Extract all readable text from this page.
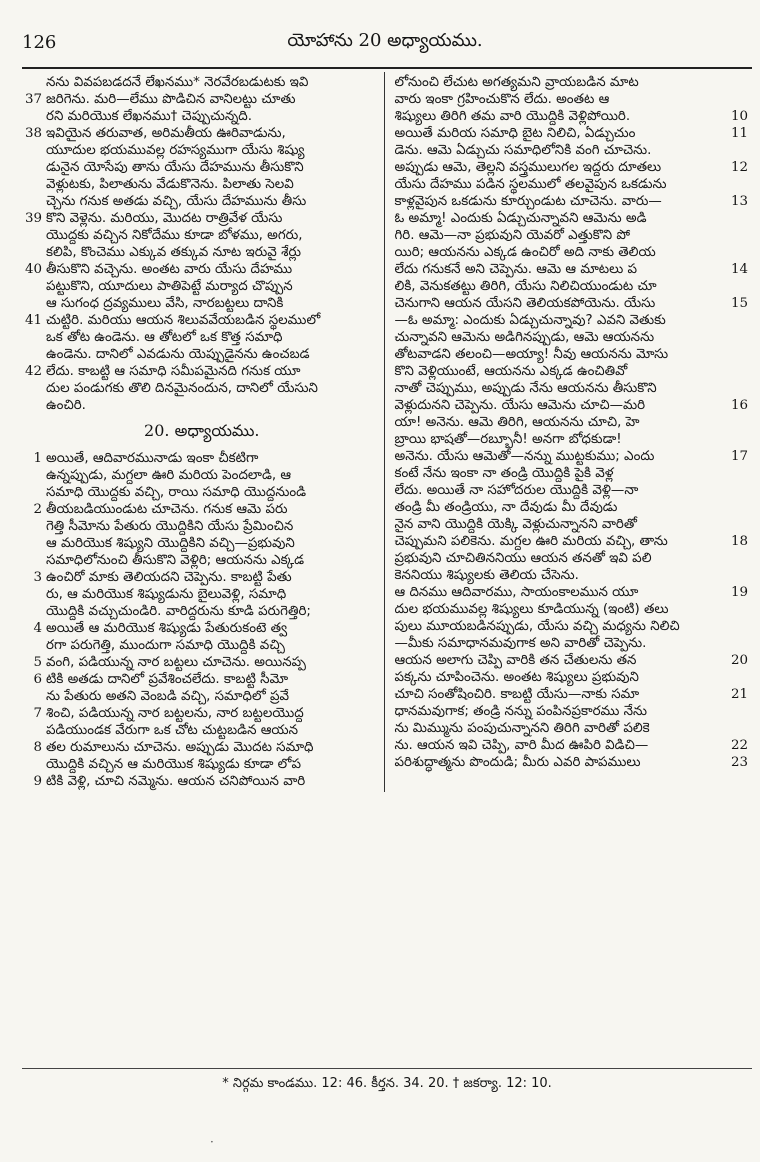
126	యోహాను 20 అధ్యాయము.
నను వివపబడదనే లేఖనము* నెరవేరబడుటకు ఇవి
37 జరిగెను. మరి—లేము పొడిచిన వానిలట్టు చూతు
రని మరియొక లేఖనము† చెప్పుచున్నది.
38 ఇవియైన తరువాత, అరిమతీయ ఊరివాడును,
యూదుల భయమువల్ల రహస్యముగా యేసు శిష్యు
డునైన యోసేపు తాను యేసు దేహమును తీసుకొని
వెళ్లుటకు, పిలాతును వేడుకొనెను. పిలాతు సెలవి
చ్చెను గనుక అతడు వచ్చి, యేసు దేహమును తీసు
39 కొని వెళ్లెను. మరియు, మొదట రాత్రివేళ యేసు
యొద్దకు వచ్చిన నికోదేము కూడా బోళము, అగరు,
కలిపి, కొంచెము ఎక్కువ తక్కువ నూట ఇరువై శేర్లు
40 తీసుకొని వచ్చెను. అంతట వారు యేసు దేహము
పట్టుకొని, యూదులు పాతిపెట్టే మర్యాద చొప్పున
ఆ సుగంధ ద్రవ్యములు వేసి, నారబట్టలు దానికి
41 చుట్టిరి. మరియు ఆయన శిలువవేయబడిన స్థలములో
ఒక తోట ఉండెను. ఆ తోటలో ఒక కొత్త సమాధి
ఉండెను. దానిలో ఎవడును యెప్పుడైనను ఉంచబడ
42 లేదు. కాబట్టి ఆ సమాధి సమీపమైనది గనుక యూ
దుల పండుగకు తొలి దినమైనందున, దానిలో యేసుని
ఉంచిరి.
20. అధ్యాయము.
1 అయితే, ఆదివారమునాడు ఇంకా చీకటిగా
ఉన్నప్పుడు, మగ్దలా ఊరి మరియ పెందలాడి, ఆ
సమాధి యొద్దకు వచ్చి, రాయి సమాధి యొద్దనుండి
2 తీయబడియుండుట చూచెను. గనుక ఆమె పరు
గెత్తి సీమోను పేతురు యొద్దికిని యేసు ప్రేమించిన
ఆ మరియొక శిష్యుని యొద్దికిని వచ్చి—ప్రభువుని
సమాధిలోనుంచి తీసుకొని వెళ్లిరి; ఆయనను ఎక్కడ
3 ఉంచిరో మాకు తెలియదని చెప్పెను. కాబట్టి పేతు
రు, ఆ మరియొక శిష్యుడును బైలువెళ్లి, సమాధి
యొద్దికి వచ్చుచుండిరి. వారిద్దరును కూడి పరుగెత్తిరి;
4 అయితే ఆ మరియొక శిష్యుడు పేతురుకంటె త్వ
రగా పరుగెత్తి, ముందుగా సమాధి యొద్దికి వచ్చి
5 వంగి, పడియున్న నార బట్టలు చూచెను. అయినప్ప
6 టికి అతడు దానిలో ప్రవేశించలేదు. కాబట్టి సీమో
ను పేతురు అతని వెంబడి వచ్చి, సమాధిలో ప్రవే
7 శించి, పడియున్న నార బట్టలను, నార బట్టలయొద్ద
పడియుండక వేరుగా ఒక చోట చుట్టబడిన ఆయన
8 తల రుమాలును చూచెను. అప్పుడు మొదట సమాధి
యొద్దికి వచ్చిన ఆ మరియొక శిష్యుడు కూడా లోప
9 టికి వెళ్లి, చూచి నమ్మెను. ఆయన చనిపోయిన వారి
లోనుంచి లేచుట అగత్యమని వ్రాయబడిన మాట
వారు ఇంకా గ్రహించుకొన లేదు. అంతట ఆ
10
శిష్యులు తిరిగి తమ వారి యొద్దికి వెళ్లిపోయిరి.
11
అయితే మరియ సమాధి బైట నిలిచి, ఏడ్చుచుం
డెను. ఆమె ఏడ్చుచు సమాధిలోనికి వంగి చూచెను.
12
అప్పుడు ఆమె, తెల్లని వస్త్రములుగల ఇద్దరు దూతలు
యేసు దేహము పడిన స్థలములో తలవైపున ఒకడును
13
కాళ్లవైపున ఒకడును కూర్చుండుట చూచెను. వారు—
ఓ అమ్మా! ఎందుకు ఏడ్చుచున్నావని ఆమెను అడి
గిరి. ఆమె—నా ప్రభువుని యెవరో ఎత్తుకొని పో
యిరి; ఆయనను ఎక్కడ ఉంచిరో అది నాకు తెలియ
14
లేదు గనుకనే అని చెప్పెను. ఆమె ఆ మాటలు ప
లికి, వెనుకతట్టు తిరిగి, యేసు నిలిచియుండుట చూ
15
చెనుగాని ఆయన యేసని తెలియకపోయెను. యేసు
—ఓ అమ్మా: ఎందుకు ఏడ్చుచున్నావు? ఎవని వెతుకు
చున్నావని ఆమెను అడిగినప్పుడు, ఆమె ఆయనను
తోటవాడని తలంచి—అయ్యా! నీవు ఆయనను మోసు
కొని వెళ్లియుంటే, ఆయనను ఎక్కడ ఉంచితివో
నాతో చెప్పుము, అప్పుడు నేను ఆయనను తీసుకొని
16
వెళ్లుదునని చెప్పెను. యేసు ఆమెను చూచి—మరి
యా! అనెను. ఆమె తిరిగి, ఆయనను చూచి, హె
బ్రాయి భాషతో—రబ్బూనీ! అనగా బోధకుడా!
17
అనెను. యేసు ఆమెతో—నన్ను ముట్టకుము; ఎందు
కంటే నేను ఇంకా నా తండ్రి యొద్దికి పైకి వెళ్ల
లేదు. అయితే నా సహోదరుల యొద్దికి వెళ్లి—నా
తండ్రి మీ తండ్రియు, నా దేవుడు మీ దేవుడు
నైన వాని యొద్దికి యెక్కి వెళ్లుచున్నానని వారితో
18
చెప్పుమని పలికెను. మగ్దల ఊరి మరియ వచ్చి, తాను
ప్రభువుని చూచితిననియు ఆయన తనతో ఇవి పలి
కెననియు శిష్యులకు తెలియ చేసెను.
19
ఆ దినము ఆదివారము, సాయంకాలమున యూ
దుల భయమువల్ల శిష్యులు కూడియున్న (ఇంటి) తలు
పులు మూయబడినప్పుడు, యేసు వచ్చి మధ్యను నిలిచి
—మీకు సమాధానమవుగాక అని వారితో చెప్పెను.
20
ఆయన అలాగు చెప్పి వారికి తన చేతులను తన
పక్కను చూపించెను. అంతట శిష్యులు ప్రభువుని
21
చూచి సంతోషించిరి. కాబట్టి యేసు—నాకు సమా
ధానమవుగాక; తండ్రి నన్ను పంపినప్రకారము నేను
ను మిమ్మును పంపుచున్నానని తిరిగి వారితో పలికె
22
ను. ఆయన ఇవి చెప్పి, వారి మీద ఊపిరి విడిచి—
23
పరిశుద్ధాత్మను పొందుడి; మీరు ఎవరి పాపములు
* నిర్గమ కాండము. 12: 46. కీర్తన. 34. 20. † జకర్యా. 12: 10.
·
